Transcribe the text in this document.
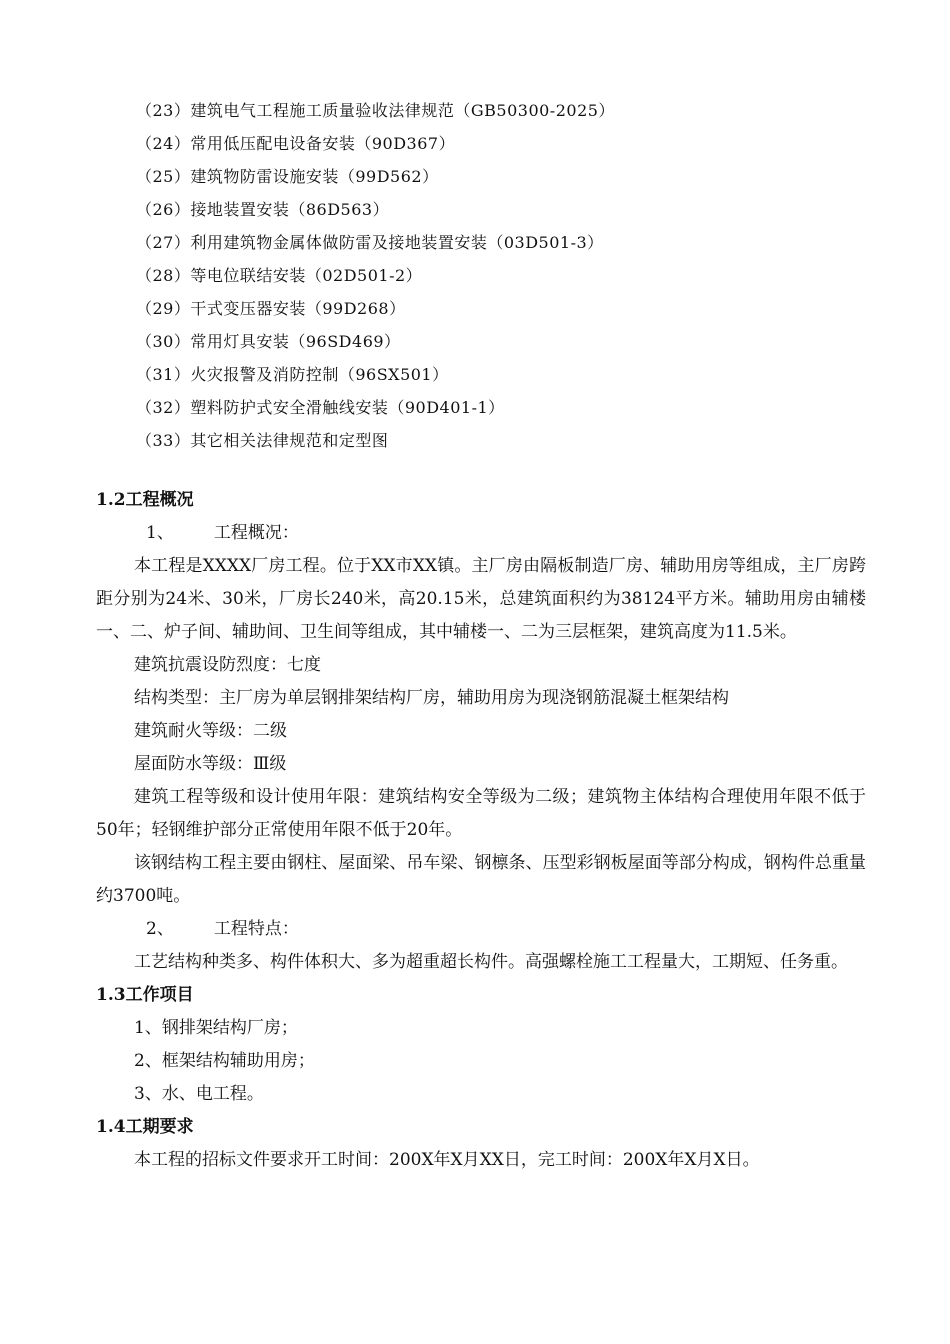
（23）建筑电气工程施工质量验收法律规范（GB50300-2025）
（24）常用低压配电设备安装（90D367）
（25）建筑物防雷设施安装（99D562）
（26）接地装置安装（86D563）
（27）利用建筑物金属体做防雷及接地装置安装（03D501-3）
（28）等电位联结安装（02D501-2）
（29）干式变压器安装（99D268）
（30）常用灯具安装（96SD469）
（31）火灾报警及消防控制（96SX501）
（32）塑料防护式安全滑触线安装（90D401-1）
（33）其它相关法律规范和定型图
1.2工程概况
1、 工程概况：
本工程是XXXX厂房工程。位于XX市XX镇。主厂房由隔板制造厂房、辅助用房等组成，主厂房跨距分别为24米、30米，厂房长240米，高20.15米，总建筑面积约为38124平方米。辅助用房由辅楼一、二、炉子间、辅助间、卫生间等组成，其中辅楼一、二为三层框架，建筑高度为11.5米。
建筑抗震设防烈度：七度
结构类型：主厂房为单层钢排架结构厂房，辅助用房为现浇钢筋混凝土框架结构
建筑耐火等级：二级
屋面防水等级：Ⅲ级
建筑工程等级和设计使用年限：建筑结构安全等级为二级；建筑物主体结构合理使用年限不低于50年；轻钢维护部分正常使用年限不低于20年。
该钢结构工程主要由钢柱、屋面梁、吊车梁、钢檩条、压型彩钢板屋面等部分构成，钢构件总重量约3700吨。
2、 工程特点：
工艺结构种类多、构件体积大、多为超重超长构件。高强螺栓施工工程量大，工期短、任务重。
1.3工作项目
1、钢排架结构厂房；
2、框架结构辅助用房；
3、水、电工程。
1.4工期要求
本工程的招标文件要求开工时间：200X年X月XX日，完工时间：200X年X月X日。
